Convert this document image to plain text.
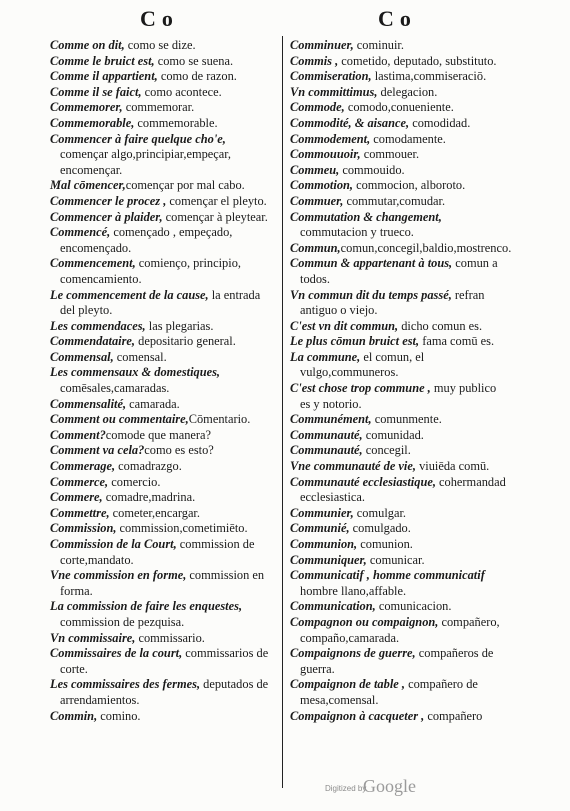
Co	Co

Comme on dit, como se dize.

Comme le bruict est, como se suena.

Comme il appartient, como de razon.

Comme il se faict, como acontece.

Commemorer, commemorar.

Commemorable, commemorable.

Commencer à faire quelque cho'e, començar algo,principiar,empeçar, encomençar.

Mal cōmencer,començar por mal cabo.

Commencer le procez , començar el pleyto.

Commencer à plaider, començar à pleytear.

Commencé, començado , empeçado, encomençado.

Commencement, comienço, principio, comencamiento.

Le commencement de la cause, la entrada del pleyto.

Les commendaces, las plegarias.

Commendataire, depositario general.

Commensal, comensal.

Les commensaux & domestiques, comēsales,camaradas.

Commensalité, camarada.

Comment ou commentaire,Cōmentario.

Comment?comode que manera?

Comment va cela?como es esto?

Commerage, comadrazgo.

Commerce, comercio.

Commere, comadre,madrina.

Commettre, cometer,encargar.

Commission, commission,cometimiēto.

Commission de la Court, commission de corte,mandato.

Vne commission en forme, commission en forma.

La commission de faire les enquestes, commission de pezquisa.

Vn commissaire, commissario.

Commissaires de la court, commissarios de corte.

Les commissaires des fermes, deputados de arrendamientos.

Commin, comino.

Comminuer, cominuir.

Commis , cometido, deputado, substituto.

Commiseration, lastima,commiseraciō.

Vn committimus, delegacion.

Commode, comodo,conueniente.

Commodité, & aisance, comodidad.

Commodement, comodamente.

Commouuoir, commouer.

Commeu, commouido.

Commotion, commocion, alboroto.

Commuer, commutar,comudar.

Commutation & changement, commutacion y trueco.

Commun,comun,concegil,baldio,mostrenco.

Commun & appartenant à tous, comun a todos.

Vn commun dit du temps passé, refran antiguo o viejo.

C'est vn dit commun, dicho comun es.

Le plus cōmun bruict est, fama comū es.

La commune, el comun, el vulgo,communeros.

C'est chose trop commune , muy publico es y notorio.

Communément, comunmente.

Communauté, comunidad.

Communauté, concegil.

Vne communauté de vie, viuiēda comū.

Communauté ecclesiastique, cohermandad ecclesiastica.

Communier, comulgar.

Communié, comulgado.

Communion, comunion.

Communiquer, comunicar.

Communicatif , homme communicatif hombre llano,affable.

Communication, comunicacion.

Compagnon ou compaignon, compañero, compaño,camarada.

Compaignons de guerre, compañeros de guerra.

Compaignon de table , compañero de mesa,comensal.

Compaignon à cacqueter , compañero

Digitized by
Google
